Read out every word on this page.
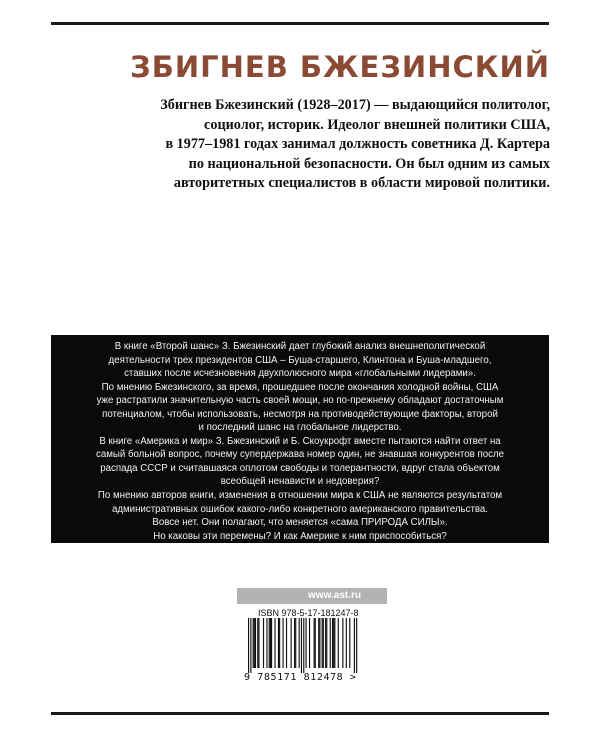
ЗБИГНЕВ БЖЕЗИНСКИЙ
Збигнев Бжезинский (1928–2017) — выдающийся политолог,
социолог, историк. Идеолог внешней политики США,
в 1977–1981 годах занимал должность советника Д. Картера
по национальной безопасности. Он был одним из самых
авторитетных специалистов в области мировой политики.
В книге «Второй шанс» З. Бжезинский дает глубокий анализ внешнеполитической
деятельности трех президентов США – Буша-старшего, Клинтона и Буша-младшего,
ставших после исчезновения двухполюсного мира «глобальными лидерами».
По мнению Бжезинского, за время, прошедшее после окончания холодной войны, США
уже растратили значительную часть своей мощи, но по-прежнему обладают достаточным
потенциалом, чтобы использовать, несмотря на противодействующие факторы, второй
и последний шанс на глобальное лидерство.
В книге «Америка и мир» З. Бжезинский и Б. Скоукрофт вместе пытаются найти ответ на
самый больной вопрос, почему супердержава номер один, не знавшая конкурентов после
распада СССР и считавшаяся оплотом свободы и толерантности, вдруг стала объектом
всеобщей ненависти и недоверия?
По мнению авторов книги, изменения в отношении мира к США не являются результатом
административных ошибок какого-либо конкретного американского правительства.
Вовсе нет. Они полагают, что меняется «сама ПРИРОДА СИЛЫ».
Но каковы эти перемены? И как Америке к ним приспособиться?
www.ast.ru
ISBN 978-5-17-181247-8
9 785171 812478 >
